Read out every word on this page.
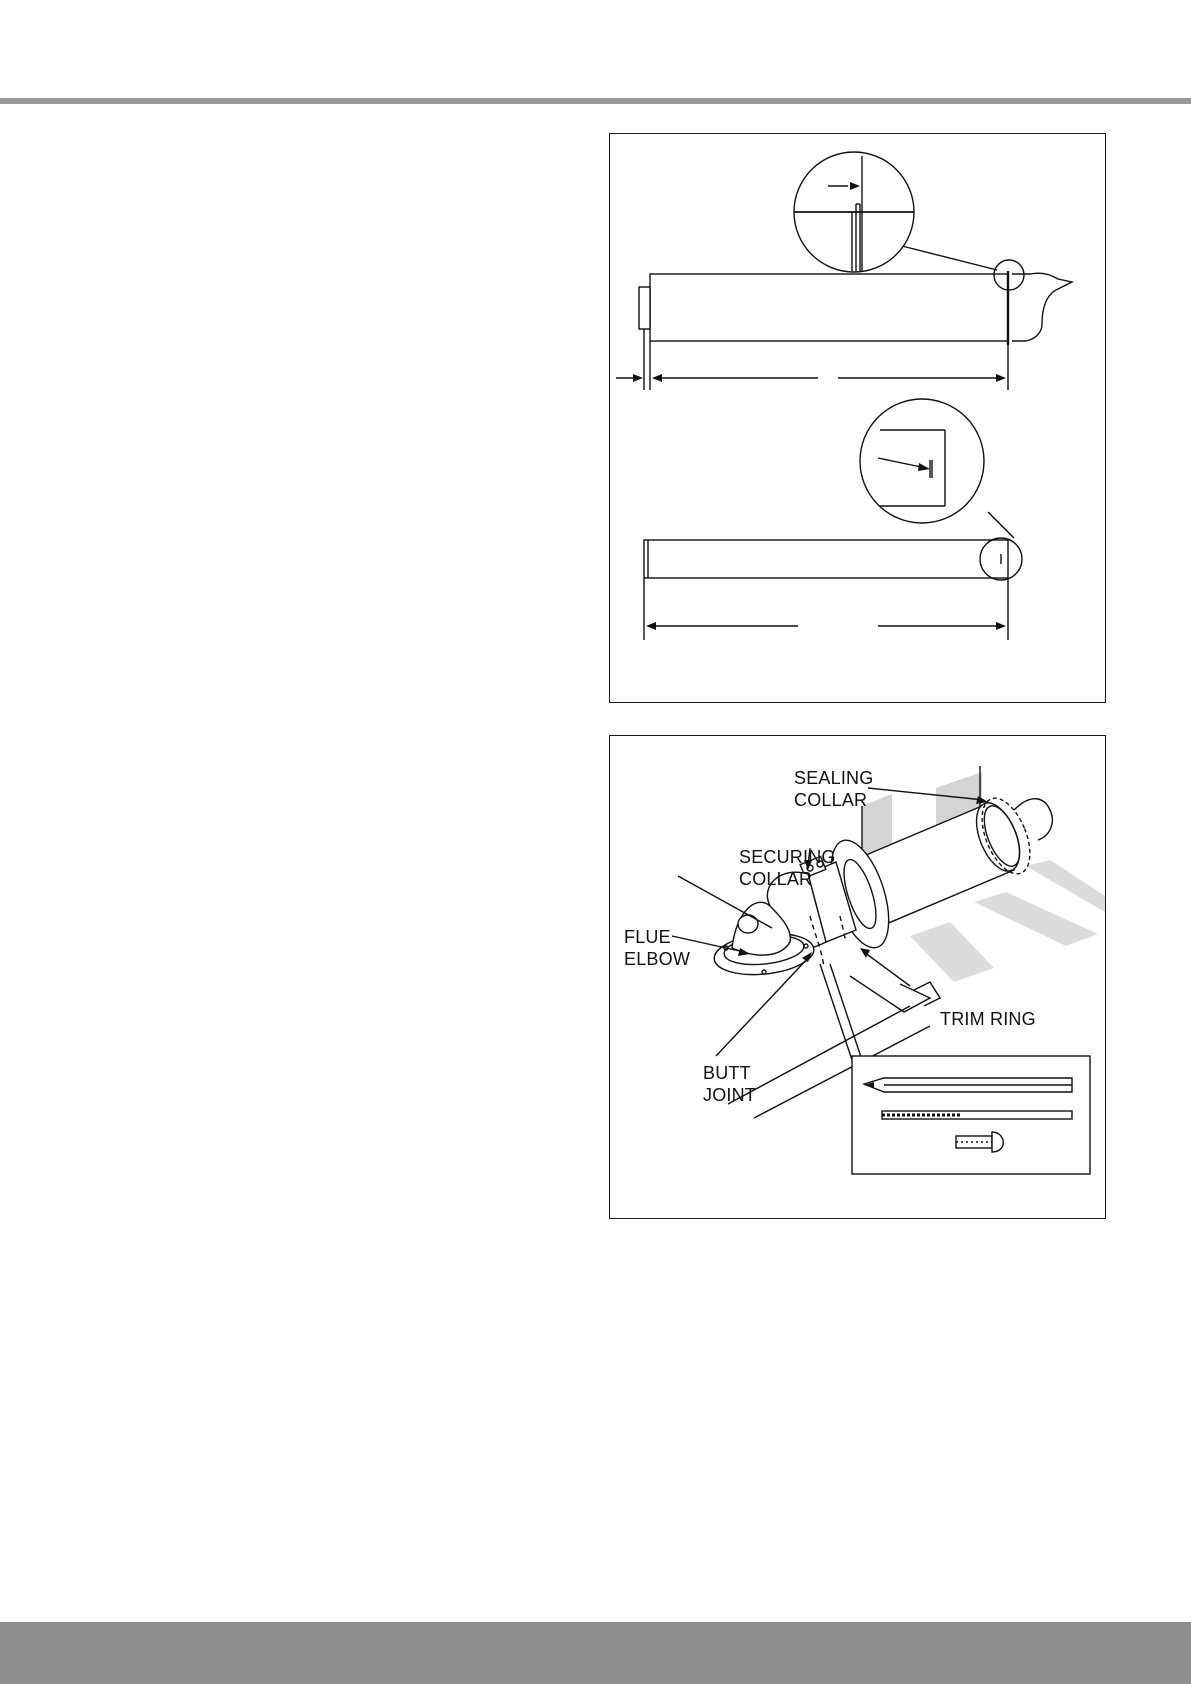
SEALING
COLLAR
SECURING
COLLAR
FLUE
ELBOW
TRIM RING
BUTT
JOINT
